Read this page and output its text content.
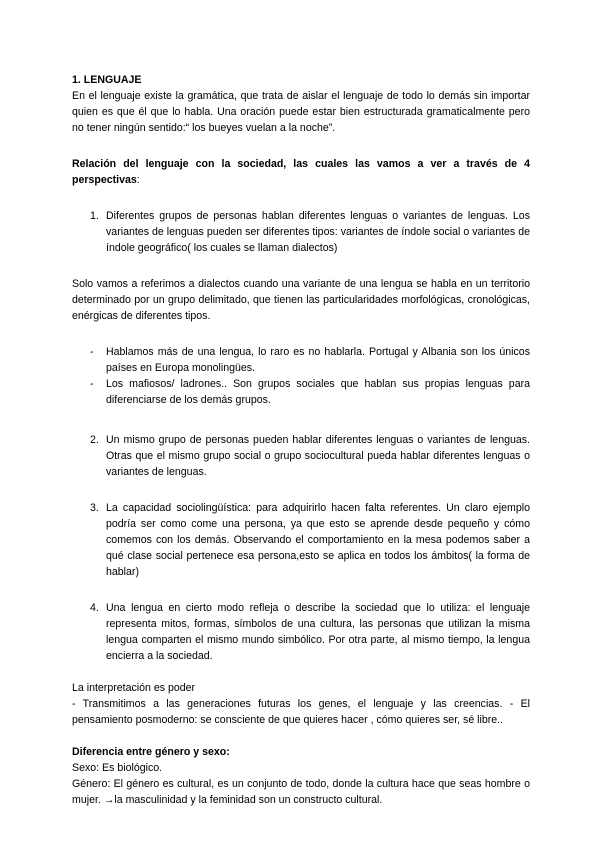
1. LENGUAJE

En el lenguaje existe la gramática, que trata de aislar el lenguaje de todo lo demás sin importar quien es que él que lo habla. Una oración puede estar bien estructurada gramaticalmente pero no tener ningún sentido:“ los bueyes vuelan a la noche”.

Relación del lenguaje con la sociedad, las cuales las vamos a ver a través de 4 perspectivas:

1. Diferentes grupos de personas hablan diferentes lenguas o variantes de lenguas. Los variantes de lenguas pueden ser diferentes tipos: variantes de índole social o variantes de índole geográfico( los cuales se llaman dialectos)

Solo vamos a referimos a dialectos cuando una variante de una lengua se habla en un territorio determinado por un grupo delimitado, que tienen las particularidades morfológicas, cronológicas, enérgicas de diferentes tipos.

- Hablamos más de una lengua, lo raro es no hablarla. Portugal y Albania son los únicos países en Europa monolingües.

- Los mafiosos/ ladrones.. Son grupos sociales que hablan sus propias lenguas para diferenciarse de los demás grupos.

2. Un mismo grupo de personas pueden hablar diferentes lenguas o variantes de lenguas. Otras que el mismo grupo social o grupo sociocultural pueda hablar diferentes lenguas o variantes de lenguas.

3. La capacidad sociolingüística: para adquirirlo hacen falta referentes. Un claro ejemplo podría ser como come una persona, ya que esto se aprende desde pequeño y cómo comemos con los demás. Observando el comportamiento en la mesa podemos saber a qué clase social pertenece esa persona,esto se aplica en todos los ámbitos( la forma de hablar)

4. Una lengua en cierto modo refleja o describe la sociedad que lo utiliza: el lenguaje representa mitos, formas, símbolos de una cultura, las personas que utilizan la misma lengua comparten el mismo mundo simbólico. Por otra parte, al mismo tiempo, la lengua encierra a la sociedad.

La interpretación es poder

- Transmitimos a las generaciones futuras los genes, el lenguaje y las creencias. - El pensamiento posmoderno: se consciente de que quieres hacer , cómo quieres ser, sé libre..

Diferencia entre género y sexo:

Sexo: Es biológico.

Género: El género es cultural, es un conjunto de todo, donde la cultura hace que seas hombre o mujer. →la masculinidad y la feminidad son un constructo cultural.
